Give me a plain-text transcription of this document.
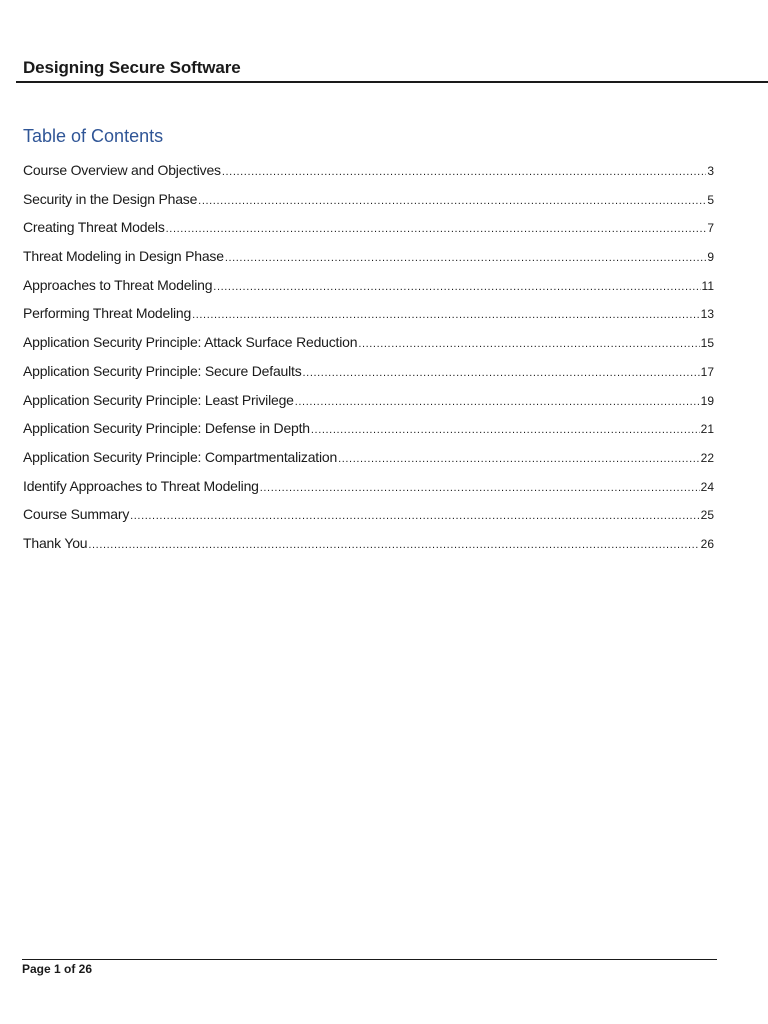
Designing Secure Software
Table of Contents
Course Overview and Objectives .....	3
Security in the Design Phase .....	5
Creating Threat Models .....	7
Threat Modeling in Design Phase .....	9
Approaches to Threat Modeling .....	11
Performing Threat Modeling .....	13
Application Security Principle: Attack Surface Reduction .....	15
Application Security Principle: Secure Defaults .....	17
Application Security Principle: Least Privilege .....	19
Application Security Principle: Defense in Depth .....	21
Application Security Principle: Compartmentalization .....	22
Identify Approaches to Threat Modeling .....	24
Course Summary .....	25
Thank You .....	26
Page 1 of 26
